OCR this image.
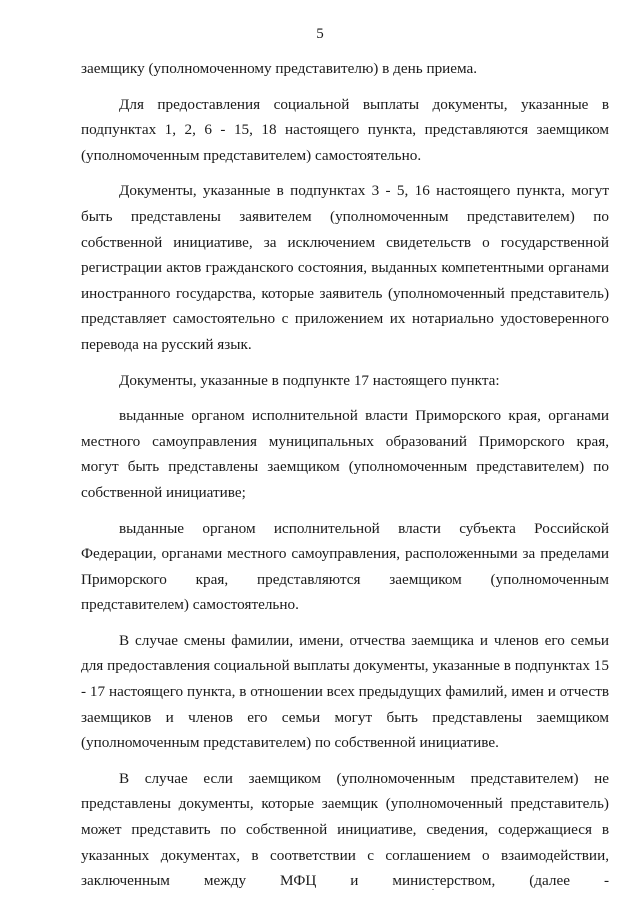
5

заемщику (уполномоченному представителю) в день приема.

Для предоставления социальной выплаты документы, указанные в подпунктах 1, 2, 6 - 15, 18 настоящего пункта, представляются заемщиком (уполномоченным представителем) самостоятельно.

Документы, указанные в подпунктах 3 - 5, 16 настоящего пункта, могут быть представлены заявителем (уполномоченным представителем) по собственной инициативе, за исключением свидетельств о государственной регистрации актов гражданского состояния, выданных компетентными органами иностранного государства, которые заявитель (уполномоченный представитель) представляет самостоятельно с приложением их нотариально удостоверенного перевода на русский язык.

Документы, указанные в подпункте 17 настоящего пункта:

выданные органом исполнительной власти Приморского края, органами местного самоуправления муниципальных образований Приморского края, могут быть представлены заемщиком (уполномоченным представителем) по собственной инициативе;

выданные органом исполнительной власти субъекта Российской Федерации, органами местного самоуправления, расположенными за пределами Приморского края, представляются заемщиком (уполномоченным представителем) самостоятельно.

В случае смены фамилии, имени, отчества заемщика и членов его семьи для предоставления социальной выплаты документы, указанные в подпунктах 15 - 17 настоящего пункта, в отношении всех предыдущих фамилий, имен и отчеств заемщиков и членов его семьи могут быть представлены заемщиком (уполномоченным представителем) по собственной инициативе.

В случае если заемщиком (уполномоченным представителем) не представлены документы, которые заемщик (уполномоченный представитель) может представить по собственной инициативе, сведения, содержащиеся в указанных документах, в соответствии с соглашением о взаимодействии, заключенным между МФЦ и министерством, (далее -
